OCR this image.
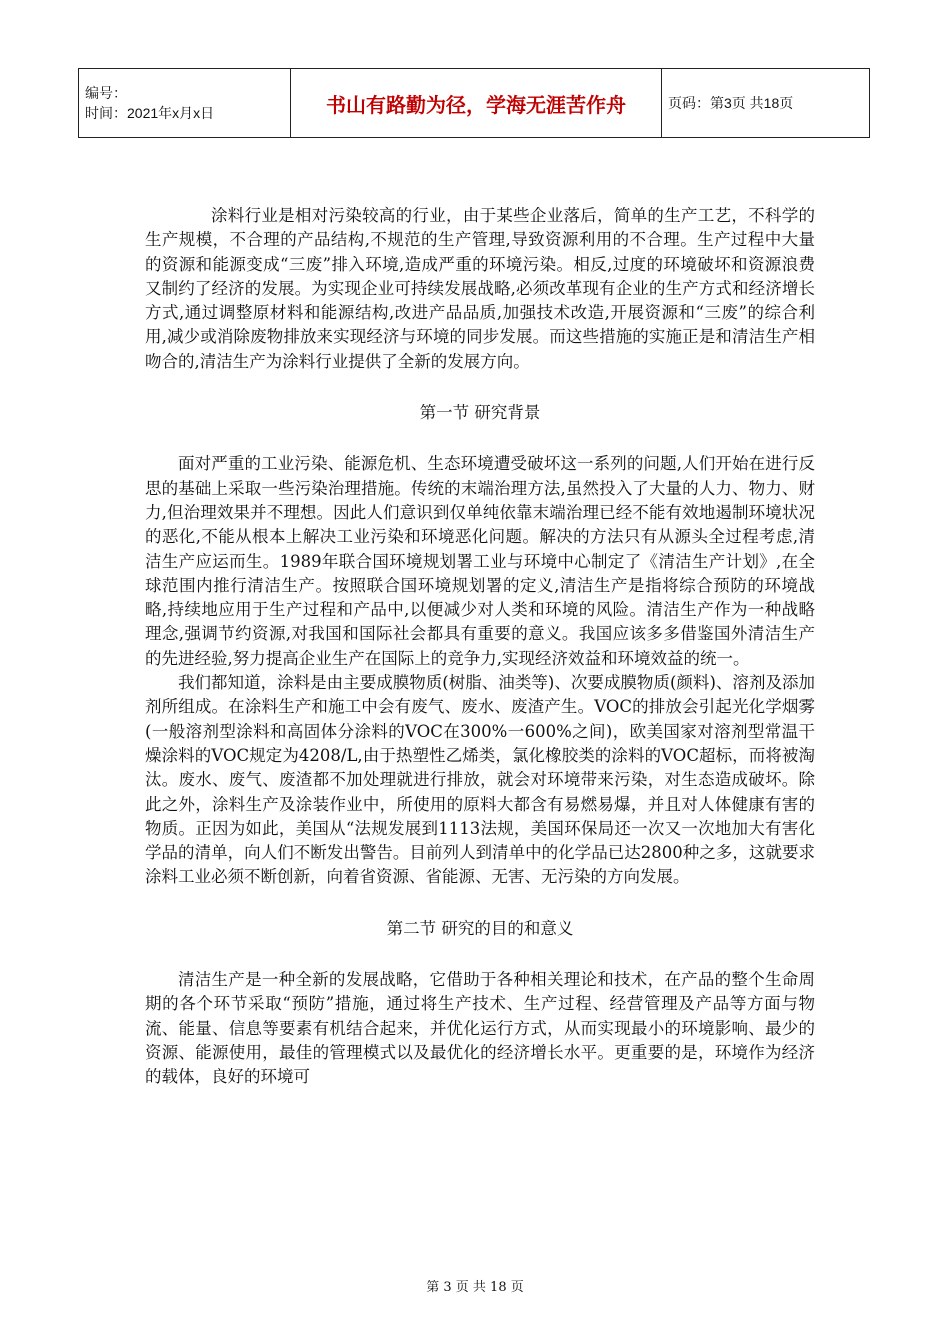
编号：
时间：2021年x月x日	书山有路勤为径，学海无涯苦作舟	页码：第3页 共18页

涂料行业是相对污染较高的行业，由于某些企业落后，简单的生产工艺，不科学的生产规模，不合理的产品结构,不规范的生产管理,导致资源利用的不合理。生产过程中大量的资源和能源变成“三废”排入环境,造成严重的环境污染。相反,过度的环境破坏和资源浪费又制约了经济的发展。为实现企业可持续发展战略,必须改革现有企业的生产方式和经济增长方式,通过调整原材料和能源结构,改进产品品质,加强技术改造,开展资源和“三废”的综合利用,减少或消除废物排放来实现经济与环境的同步发展。而这些措施的实施正是和清洁生产相吻合的,清洁生产为涂料行业提供了全新的发展方向。

第一节 研究背景

面对严重的工业污染、能源危机、生态环境遭受破坏这一系列的问题,人们开始在进行反思的基础上采取一些污染治理措施。传统的末端治理方法,虽然投入了大量的人力、物力、财力,但治理效果并不理想。因此人们意识到仅单纯依靠末端治理已经不能有效地遏制环境状况的恶化,不能从根本上解决工业污染和环境恶化问题。解决的方法只有从源头全过程考虑,清洁生产应运而生。1989年联合国环境规划署工业与环境中心制定了《清洁生产计划》,在全球范围内推行清洁生产。按照联合国环境规划署的定义,清洁生产是指将综合预防的环境战略,持续地应用于生产过程和产品中,以便减少对人类和环境的风险。清洁生产作为一种战略理念,强调节约资源,对我国和国际社会都具有重要的意义。我国应该多多借鉴国外清洁生产的先进经验,努力提高企业生产在国际上的竞争力,实现经济效益和环境效益的统一。

我们都知道，涂料是由主要成膜物质(树脂、油类等)、次要成膜物质(颜料)、溶剂及添加剂所组成。在涂料生产和施工中会有废气、废水、废渣产生。VOC的排放会引起光化学烟雾(一般溶剂型涂料和高固体分涂料的VOC在300%一600%之间)，欧美国家对溶剂型常温干燥涂料的VOC规定为4208/L,由于热塑性乙烯类，氯化橡胶类的涂料的VOC超标，而将被淘汰。废水、废气、废渣都不加处理就进行排放，就会对环境带来污染，对生态造成破坏。除此之外，涂料生产及涂装作业中，所使用的原料大都含有易燃易爆，并且对人体健康有害的物质。正因为如此，美国从“法规发展到1113法规，美国环保局还一次又一次地加大有害化学品的清单，向人们不断发出警告。目前列人到清单中的化学品已达2800种之多，这就要求涂料工业必须不断创新，向着省资源、省能源、无害、无污染的方向发展。

第二节 研究的目的和意义

清洁生产是一种全新的发展战略，它借助于各种相关理论和技术，在产品的整个生命周期的各个环节采取“预防”措施，通过将生产技术、生产过程、经营管理及产品等方面与物流、能量、信息等要素有机结合起来，并优化运行方式，从而实现最小的环境影响、最少的资源、能源使用，最佳的管理模式以及最优化的经济增长水平。更重要的是，环境作为经济的载体，良好的环境可

第 3 页 共 18 页
